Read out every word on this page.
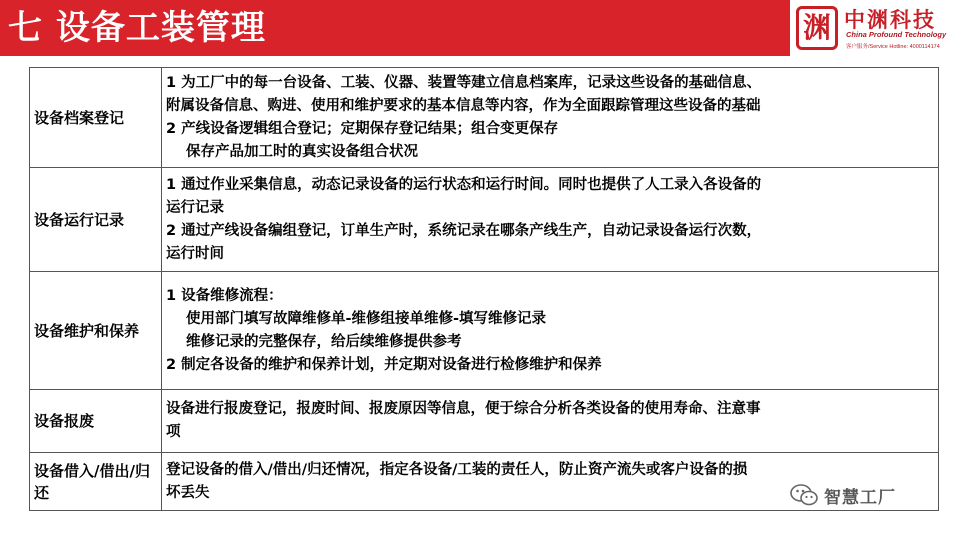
七 设备工装管理	渊 中渊科技
China Profound Technology
客户服务/Service Hotline: 4000114174
设备档案登记	1 为工厂中的每一台设备、工装、仪器、装置等建立信息档案库，记录这些设备的基础信息、
附属设备信息、购进、使用和维护要求的基本信息等内容，作为全面跟踪管理这些设备的基础
2 产线设备逻辑组合登记；定期保存登记结果；组合变更保存
保存产品加工时的真实设备组合状况

设备运行记录	1 通过作业采集信息，动态记录设备的运行状态和运行时间。同时也提供了人工录入各设备的
运行记录
2 通过产线设备编组登记，订单生产时，系统记录在哪条产线生产，自动记录设备运行次数，
运行时间

设备维护和保养	1 设备维修流程：
使用部门填写故障维修单-维修组接单维修-填写维修记录
维修记录的完整保存，给后续维修提供参考
2 制定各设备的维护和保养计划，并定期对设备进行检修维护和保养

设备报废	设备进行报废登记，报废时间、报废原因等信息，便于综合分析各类设备的使用寿命、注意事
项

设备借入/借出/归还	登记设备的借入/借出/归还情况，指定各设备/工装的责任人，防止资产流失或客户设备的损
坏丢失	智慧工厂
